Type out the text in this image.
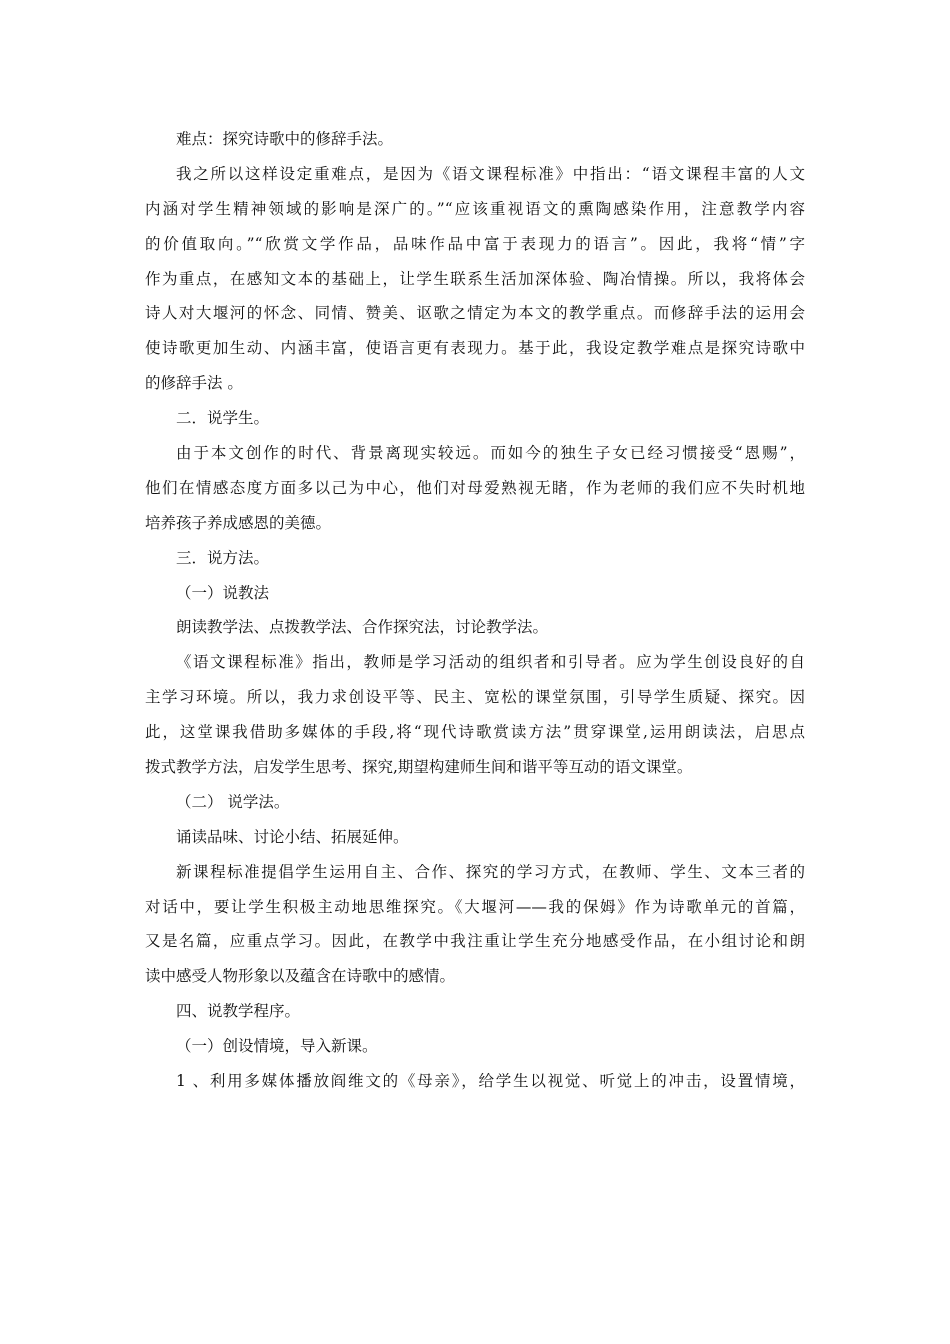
难点：探究诗歌中的修辞手法。
我之所以这样设定重难点，是因为《语文课程标准》中指出：“语文课程丰富的人文
内涵对学生精神领域的影响是深广的。”“应该重视语文的熏陶感染作用，注意教学内容
的价值取向。”“欣赏文学作品，品味作品中富于表现力的语言”。因此，我将“情”字
作为重点，在感知文本的基础上，让学生联系生活加深体验、陶冶情操。所以，我将体会
诗人对大堰河的怀念、同情、赞美、讴歌之情定为本文的教学重点。而修辞手法的运用会
使诗歌更加生动、内涵丰富，使语言更有表现力。基于此，我设定教学难点是探究诗歌中
的修辞手法 。
二．说学生。
由于本文创作的时代、背景离现实较远。而如今的独生子女已经习惯接受“恩赐”，
他们在情感态度方面多以己为中心，他们对母爱熟视无睹，作为老师的我们应不失时机地
培养孩子养成感恩的美德。
三．说方法。
（一）说教法
朗读教学法、点拨教学法、合作探究法，讨论教学法。
《语文课程标准》指出，教师是学习活动的组织者和引导者。应为学生创设良好的自
主学习环境。所以，我力求创设平等、民主、宽松的课堂氛围，引导学生质疑、探究。因
此，这堂课我借助多媒体的手段,将“现代诗歌赏读方法”贯穿课堂,运用朗读法，启思点
拨式教学方法，启发学生思考、探究,期望构建师生间和谐平等互动的语文课堂。
（二） 说学法。
诵读品味、讨论小结、拓展延伸。
新课程标准提倡学生运用自主、合作、探究的学习方式，在教师、学生、文本三者的
对话中，要让学生积极主动地思维探究。《大堰河——我的保姆》作为诗歌单元的首篇，
又是名篇，应重点学习。因此，在教学中我注重让学生充分地感受作品，在小组讨论和朗
读中感受人物形象以及蕴含在诗歌中的感情。
四、说教学程序。
（一）创设情境，导入新课。
1 、利用多媒体播放阎维文的《母亲》，给学生以视觉、听觉上的冲击，设置情境，
